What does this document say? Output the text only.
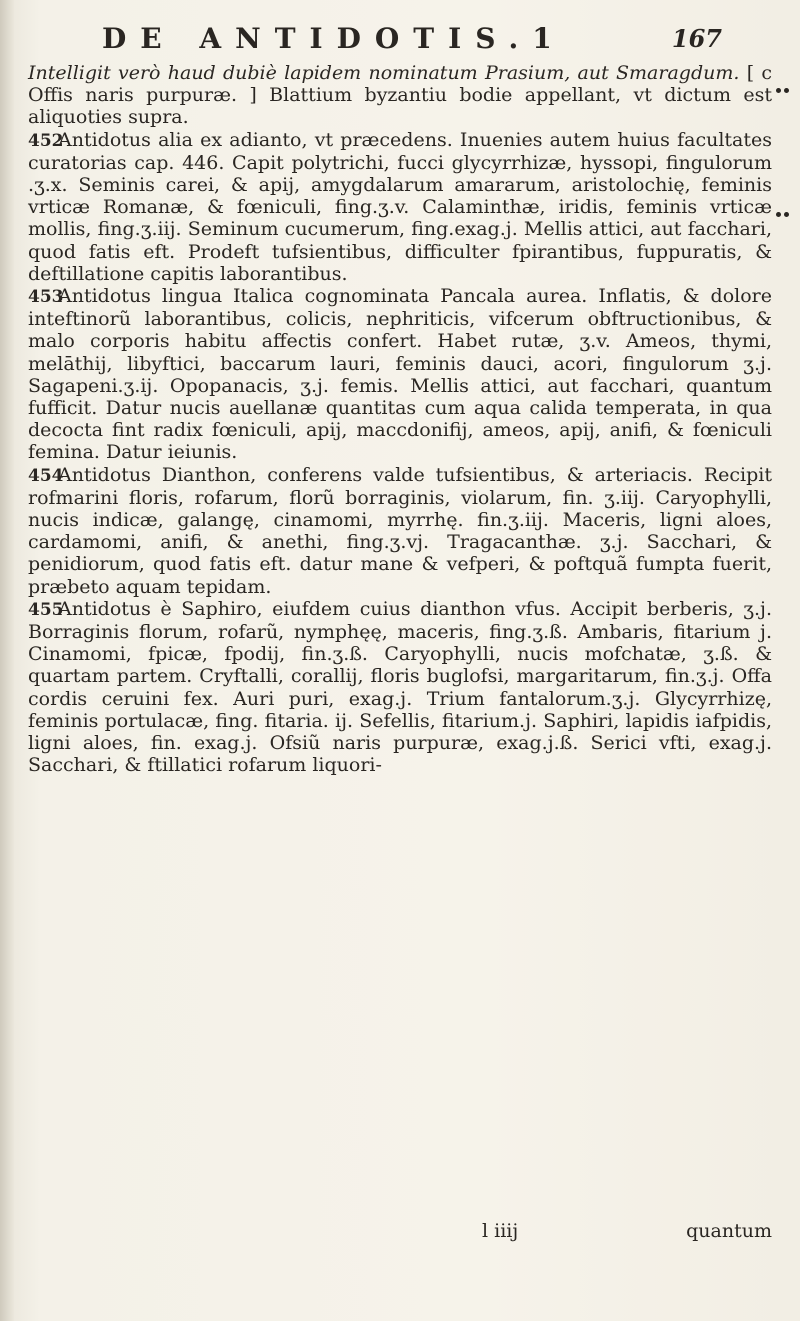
DE ANTIDOTIS.1	167

Intelligit verò haud dubiè lapidem nominatum Prasium, aut Smaragdum. [ c Offis naris purpuræ. ] Blattium byzantiu bodie appellant, vt dictum est aliquoties supra.

452Antidotus alia ex adianto, vt præcedens. Inuenies autem huius facultates curatorias cap. 446. Capit polytrichi, fucci glycyrrhizæ, hyssopi, fingulorum .ʒ.x. Seminis carei, & apij, amygdalarum amararum, aristolochię, feminis vrticæ Romanæ, & fœniculi, fing.ʒ.v. Calaminthæ, iridis, feminis vrticæ mollis, fing.ʒ.iij. Seminum cucumerum, fing.exag.j. Mellis attici, aut facchari, quod fatis eft. Prodeft tufsientibus, difficulter fpirantibus, fuppuratis, & deftillatione capitis laborantibus.

453Antidotus lingua Italica cognominata Pancala aurea. Inflatis, & dolore inteftinorũ laborantibus, colicis, nephriticis, vifcerum obftructionibus, & malo corporis habitu affectis confert. Habet rutæ, ʒ.v. Ameos, thymi, melāthij, libyftici, baccarum lauri, feminis dauci, acori, fingulorum ʒ.j. Sagapeni.ʒ.ij. Opopanacis, ʒ.j. femis. Mellis attici, aut facchari, quantum fufficit. Datur nucis auellanæ quantitas cum aqua calida temperata, in qua decocta fint radix fœniculi, apij, maccdonifij, ameos, apij, anifi, & fœniculi femina. Datur ieiunis.

454Antidotus Dianthon, conferens valde tufsientibus, & arteriacis. Recipit rofmarini floris, rofarum, florũ borraginis, violarum, fin. ʒ.iij. Caryophylli, nucis indicæ, galangę, cinamomi, myrrhę. fin.ʒ.iij. Maceris, ligni aloes, cardamomi, anifi, & anethi, fing.ʒ.vj. Tragacanthæ. ʒ.j. Sacchari, & penidiorum, quod fatis eft. datur mane & vefperi, & poftquã fumpta fuerit, præbeto aquam tepidam.

455Antidotus è Saphiro, eiufdem cuius dianthon vfus. Accipit berberis, ʒ.j. Borraginis florum, rofarũ, nymphęę, maceris, fing.ʒ.ß. Ambaris, fitarium j. Cinamomi, fpicæ, fpodij, fin.ʒ.ß. Caryophylli, nucis mofchatæ, ʒ.ß. & quartam partem. Cryftalli, corallij, floris buglofsi, margaritarum, fin.ʒ.j. Offa cordis ceruini fex. Auri puri, exag.j. Trium fantalorum.ʒ.j. Glycyrrhizę, feminis portulacæ, fing. fitaria. ij. Sefellis, fitarium.j. Saphiri, lapidis iafpidis, ligni aloes, fin. exag.j. Ofsiũ naris purpuræ, exag.j.ß. Serici vfti, exag.j. Sacchari, & ftillatici rofarum liquori-

l iiij	quantum
